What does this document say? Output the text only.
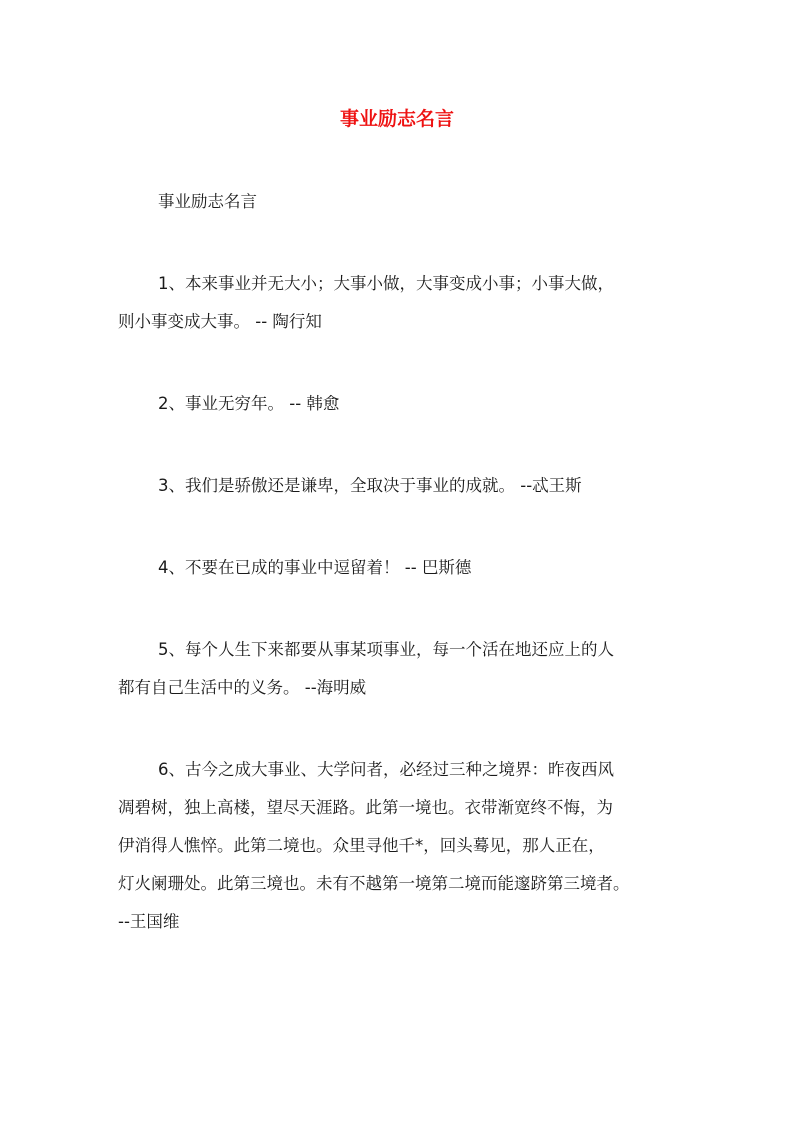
事业励志名言

事业励志名言

1、本来事业并无大小；大事小做，大事变成小事；小事大做，

则小事变成大事。 -- 陶行知

2、事业无穷年。 -- 韩愈

3、我们是骄傲还是谦卑，全取决于事业的成就。 --忒王斯

4、不要在已成的事业中逗留着！ -- 巴斯德

5、每个人生下来都要从事某项事业，每一个活在地还应上的人

都有自己生活中的义务。 --海明威

6、古今之成大事业、大学问者，必经过三种之境界：昨夜西风

凋碧树，独上高楼，望尽天涯路。此第一境也。衣带渐宽终不悔，为

伊消得人憔悴。此第二境也。众里寻他千*，回头蓦见，那人正在，

灯火阑珊处。此第三境也。未有不越第一境第二境而能邃跻第三境者。

--王国维
